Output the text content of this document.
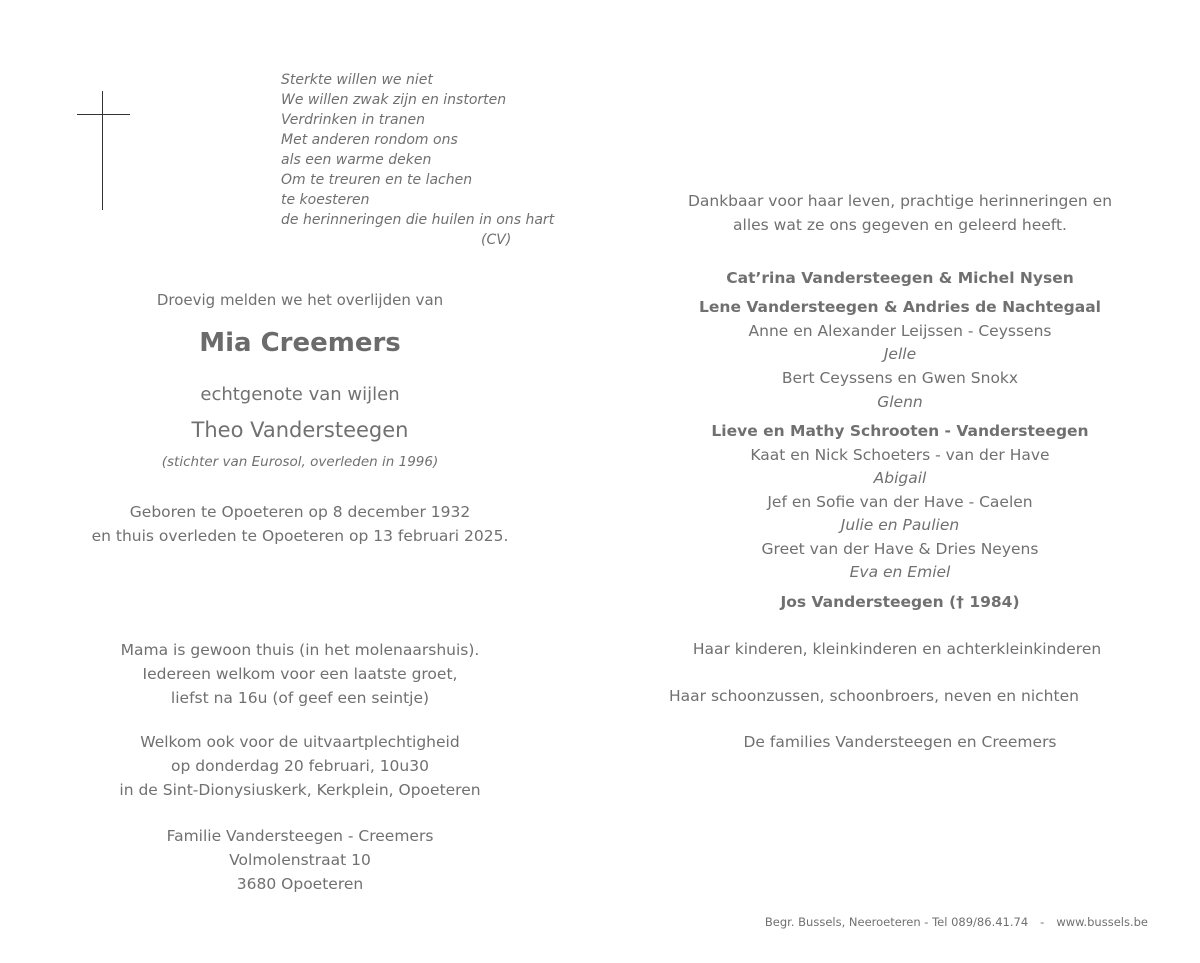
Sterkte willen we niet
We willen zwak zijn en instorten
Verdrinken in tranen
Met anderen rondom ons
als een warme deken
Om te treuren en te lachen
te koesteren
de herinneringen die huilen in ons hart
(CV)
Droevig melden we het overlijden van
Mia Creemers
echtgenote van wijlen
Theo Vandersteegen
(stichter van Eurosol, overleden in 1996)
Geboren te Opoeteren op 8 december 1932
en thuis overleden te Opoeteren op 13 februari 2025.
Mama is gewoon thuis (in het molenaarshuis).
Iedereen welkom voor een laatste groet,
liefst na 16u (of geef een seintje)
Welkom ook voor de uitvaartplechtigheid
op donderdag 20 februari, 10u30
in de Sint-Dionysiuskerk, Kerkplein, Opoeteren
Familie Vandersteegen - Creemers
Volmolenstraat 10
3680 Opoeteren
Dankbaar voor haar leven, prachtige herinneringen en
alles wat ze ons gegeven en geleerd heeft.
Cat’rina Vandersteegen & Michel Nysen
Lene Vandersteegen & Andries de Nachtegaal
Anne en Alexander Leijssen - Ceyssens
Jelle
Bert Ceyssens en Gwen Snokx
Glenn
Lieve en Mathy Schrooten - Vandersteegen
Kaat en Nick Schoeters - van der Have
Abigail
Jef en Sofie van der Have - Caelen
Julie en Paulien
Greet van der Have & Dries Neyens
Eva en Emiel
Jos Vandersteegen († 1984)
Haar kinderen, kleinkinderen en achterkleinkinderen
Haar schoonzussen, schoonbroers, neven en nichten
De families Vandersteegen en Creemers
Begr. Bussels, Neeroeteren - Tel 089/86.41.74 - www.bussels.be
